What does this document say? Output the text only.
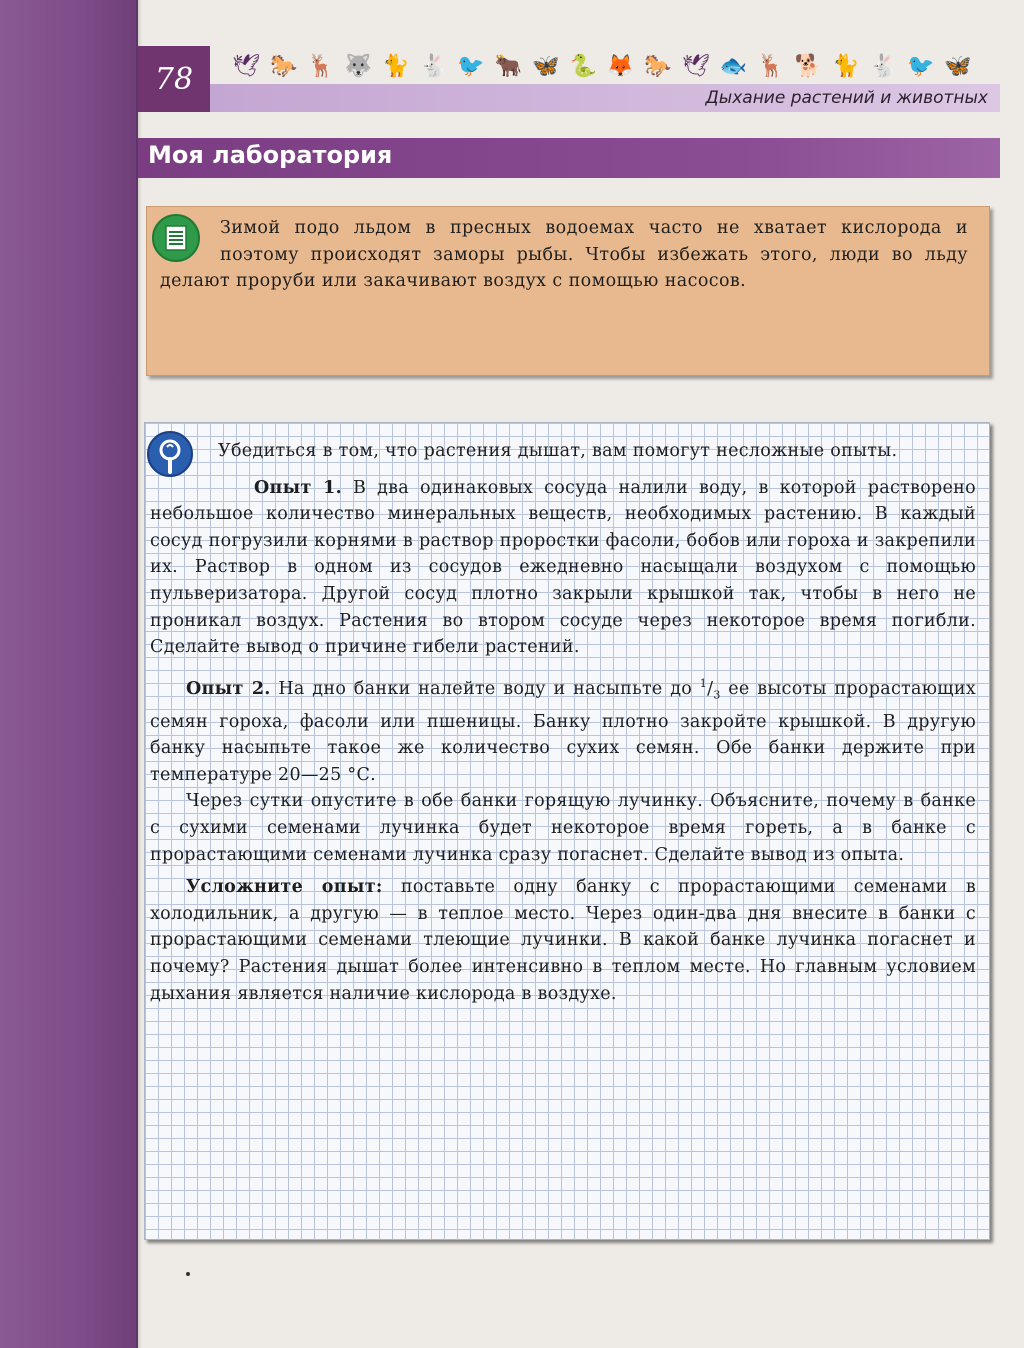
78 🕊 🐎 🦌 🐺 🐈 🐇 🐦 🐂 🦋 🐍 🦊 🐎 🕊 🐟 🦌 🐕 🐈 🐇 🐦 🦋
Дыхание растений и животных
Моя лаборатория
Зимой подо льдом в пресных водоемах часто не хватает кислорода и поэтому происходят заморы рыбы. Чтобы избежать этого, люди во льду делают проруби или закачивают воздух с помощью насосов.

Убедиться в том, что растения дышат, вам помогут несложные опыты.

Опыт 1. В два одинаковых сосуда налили воду, в которой растворено небольшое количество минеральных веществ, необходимых растению. В каждый сосуд погрузили корнями в раствор проростки фасоли, бобов или гороха и закрепили их. Раствор в одном из сосудов ежедневно насыщали воздухом с помощью пульверизатора. Другой сосуд плотно закрыли крышкой так, чтобы в него не проникал воздух. Растения во втором сосуде через некоторое время погибли. Сделайте вывод о причине гибели растений.

Опыт 2. На дно банки налейте воду и насыпьте до $^1/_3$ ее высоты прорастающих семян гороха, фасоли или пшеницы. Банку плотно закройте крышкой. В другую банку насыпьте такое же количество сухих семян. Обе банки держите при температуре 20—25 °С.

Через сутки опустите в обе банки горящую лучинку. Объясните, почему в банке с сухими семенами лучинка будет некоторое время гореть, а в банке с прорастающими семенами лучинка сразу погаснет. Сделайте вывод из опыта.

Усложните опыт: поставьте одну банку с прорастающими семенами в холодильник, а другую — в теплое место. Через один-два дня внесите в банки с прорастающими семенами тлеющие лучинки. В какой банке лучинка погаснет и почему? Растения дышат более интенсивно в теплом месте. Но главным условием дыхания является наличие кислорода в воздухе.
